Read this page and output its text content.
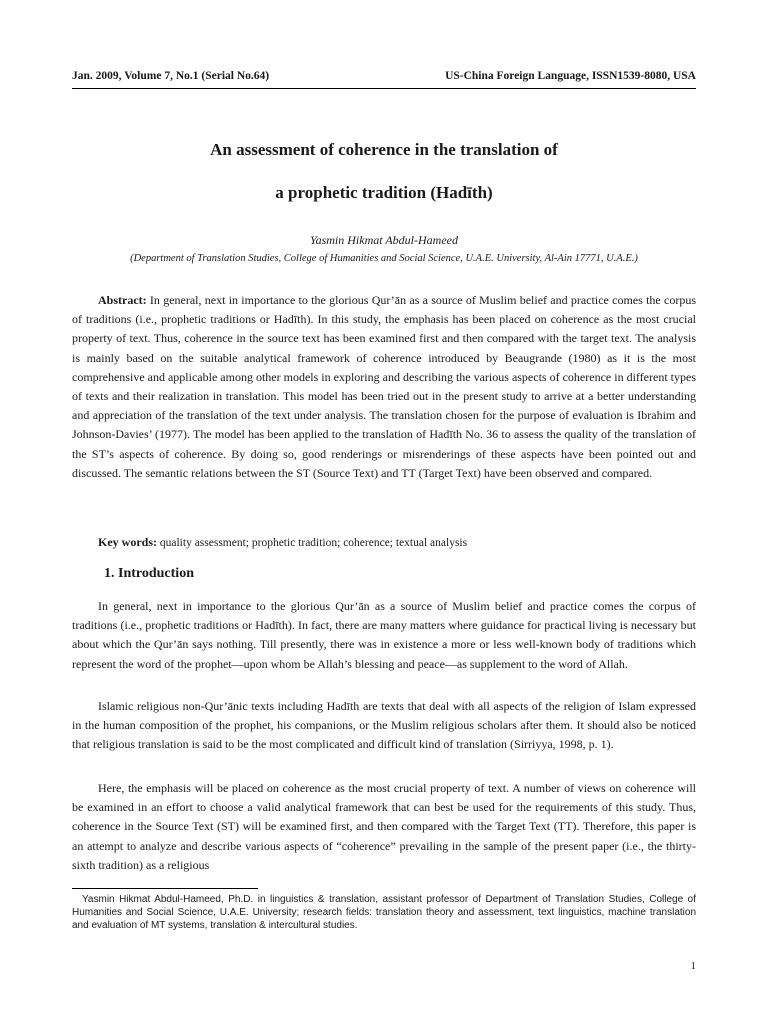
Jan. 2009, Volume 7, No.1 (Serial No.64)	US-China Foreign Language, ISSN1539-8080, USA
An assessment of coherence in the translation of
a prophetic tradition (Hadīth)
Yasmin Hikmat Abdul-Hameed
(Department of Translation Studies, College of Humanities and Social Science, U.A.E. University, Al-Ain 17771, U.A.E.)

Abstract: In general, next in importance to the glorious Qur’ān as a source of Muslim belief and practice comes the corpus of traditions (i.e., prophetic traditions or Hadīth). In this study, the emphasis has been placed on coherence as the most crucial property of text. Thus, coherence in the source text has been examined first and then compared with the target text. The analysis is mainly based on the suitable analytical framework of coherence introduced by Beaugrande (1980) as it is the most comprehensive and applicable among other models in exploring and describing the various aspects of coherence in different types of texts and their realization in translation. This model has been tried out in the present study to arrive at a better understanding and appreciation of the translation of the text under analysis. The translation chosen for the purpose of evaluation is Ibrahim and Johnson-Davies’ (1977). The model has been applied to the translation of Hadīth No. 36 to assess the quality of the translation of the ST’s aspects of coherence. By doing so, good renderings or misrenderings of these aspects have been pointed out and discussed. The semantic relations between the ST (Source Text) and TT (Target Text) have been observed and compared.

Key words: quality assessment; prophetic tradition; coherence; textual analysis
1. Introduction

In general, next in importance to the glorious Qur’ān as a source of Muslim belief and practice comes the corpus of traditions (i.e., prophetic traditions or Hadīth). In fact, there are many matters where guidance for practical living is necessary but about which the Qur’ān says nothing. Till presently, there was in existence a more or less well-known body of traditions which represent the word of the prophet—upon whom be Allah’s blessing and peace—as supplement to the word of Allah.

Islamic religious non-Qur’ānic texts including Hadīth are texts that deal with all aspects of the religion of Islam expressed in the human composition of the prophet, his companions, or the Muslim religious scholars after them. It should also be noticed that religious translation is said to be the most complicated and difficult kind of translation (Sirriyya, 1998, p. 1).

Here, the emphasis will be placed on coherence as the most crucial property of text. A number of views on coherence will be examined in an effort to choose a valid analytical framework that can best be used for the requirements of this study. Thus, coherence in the Source Text (ST) will be examined first, and then compared with the Target Text (TT). Therefore, this paper is an attempt to analyze and describe various aspects of “coherence” prevailing in the sample of the present paper (i.e., the thirty-sixth tradition) as a religious

Yasmin Hikmat Abdul-Hameed, Ph.D. in linguistics & translation, assistant professor of Department of Translation Studies, College of Humanities and Social Science, U.A.E. University; research fields: translation theory and assessment, text linguistics, machine translation and evaluation of MT systems, translation & intercultural studies.

1
